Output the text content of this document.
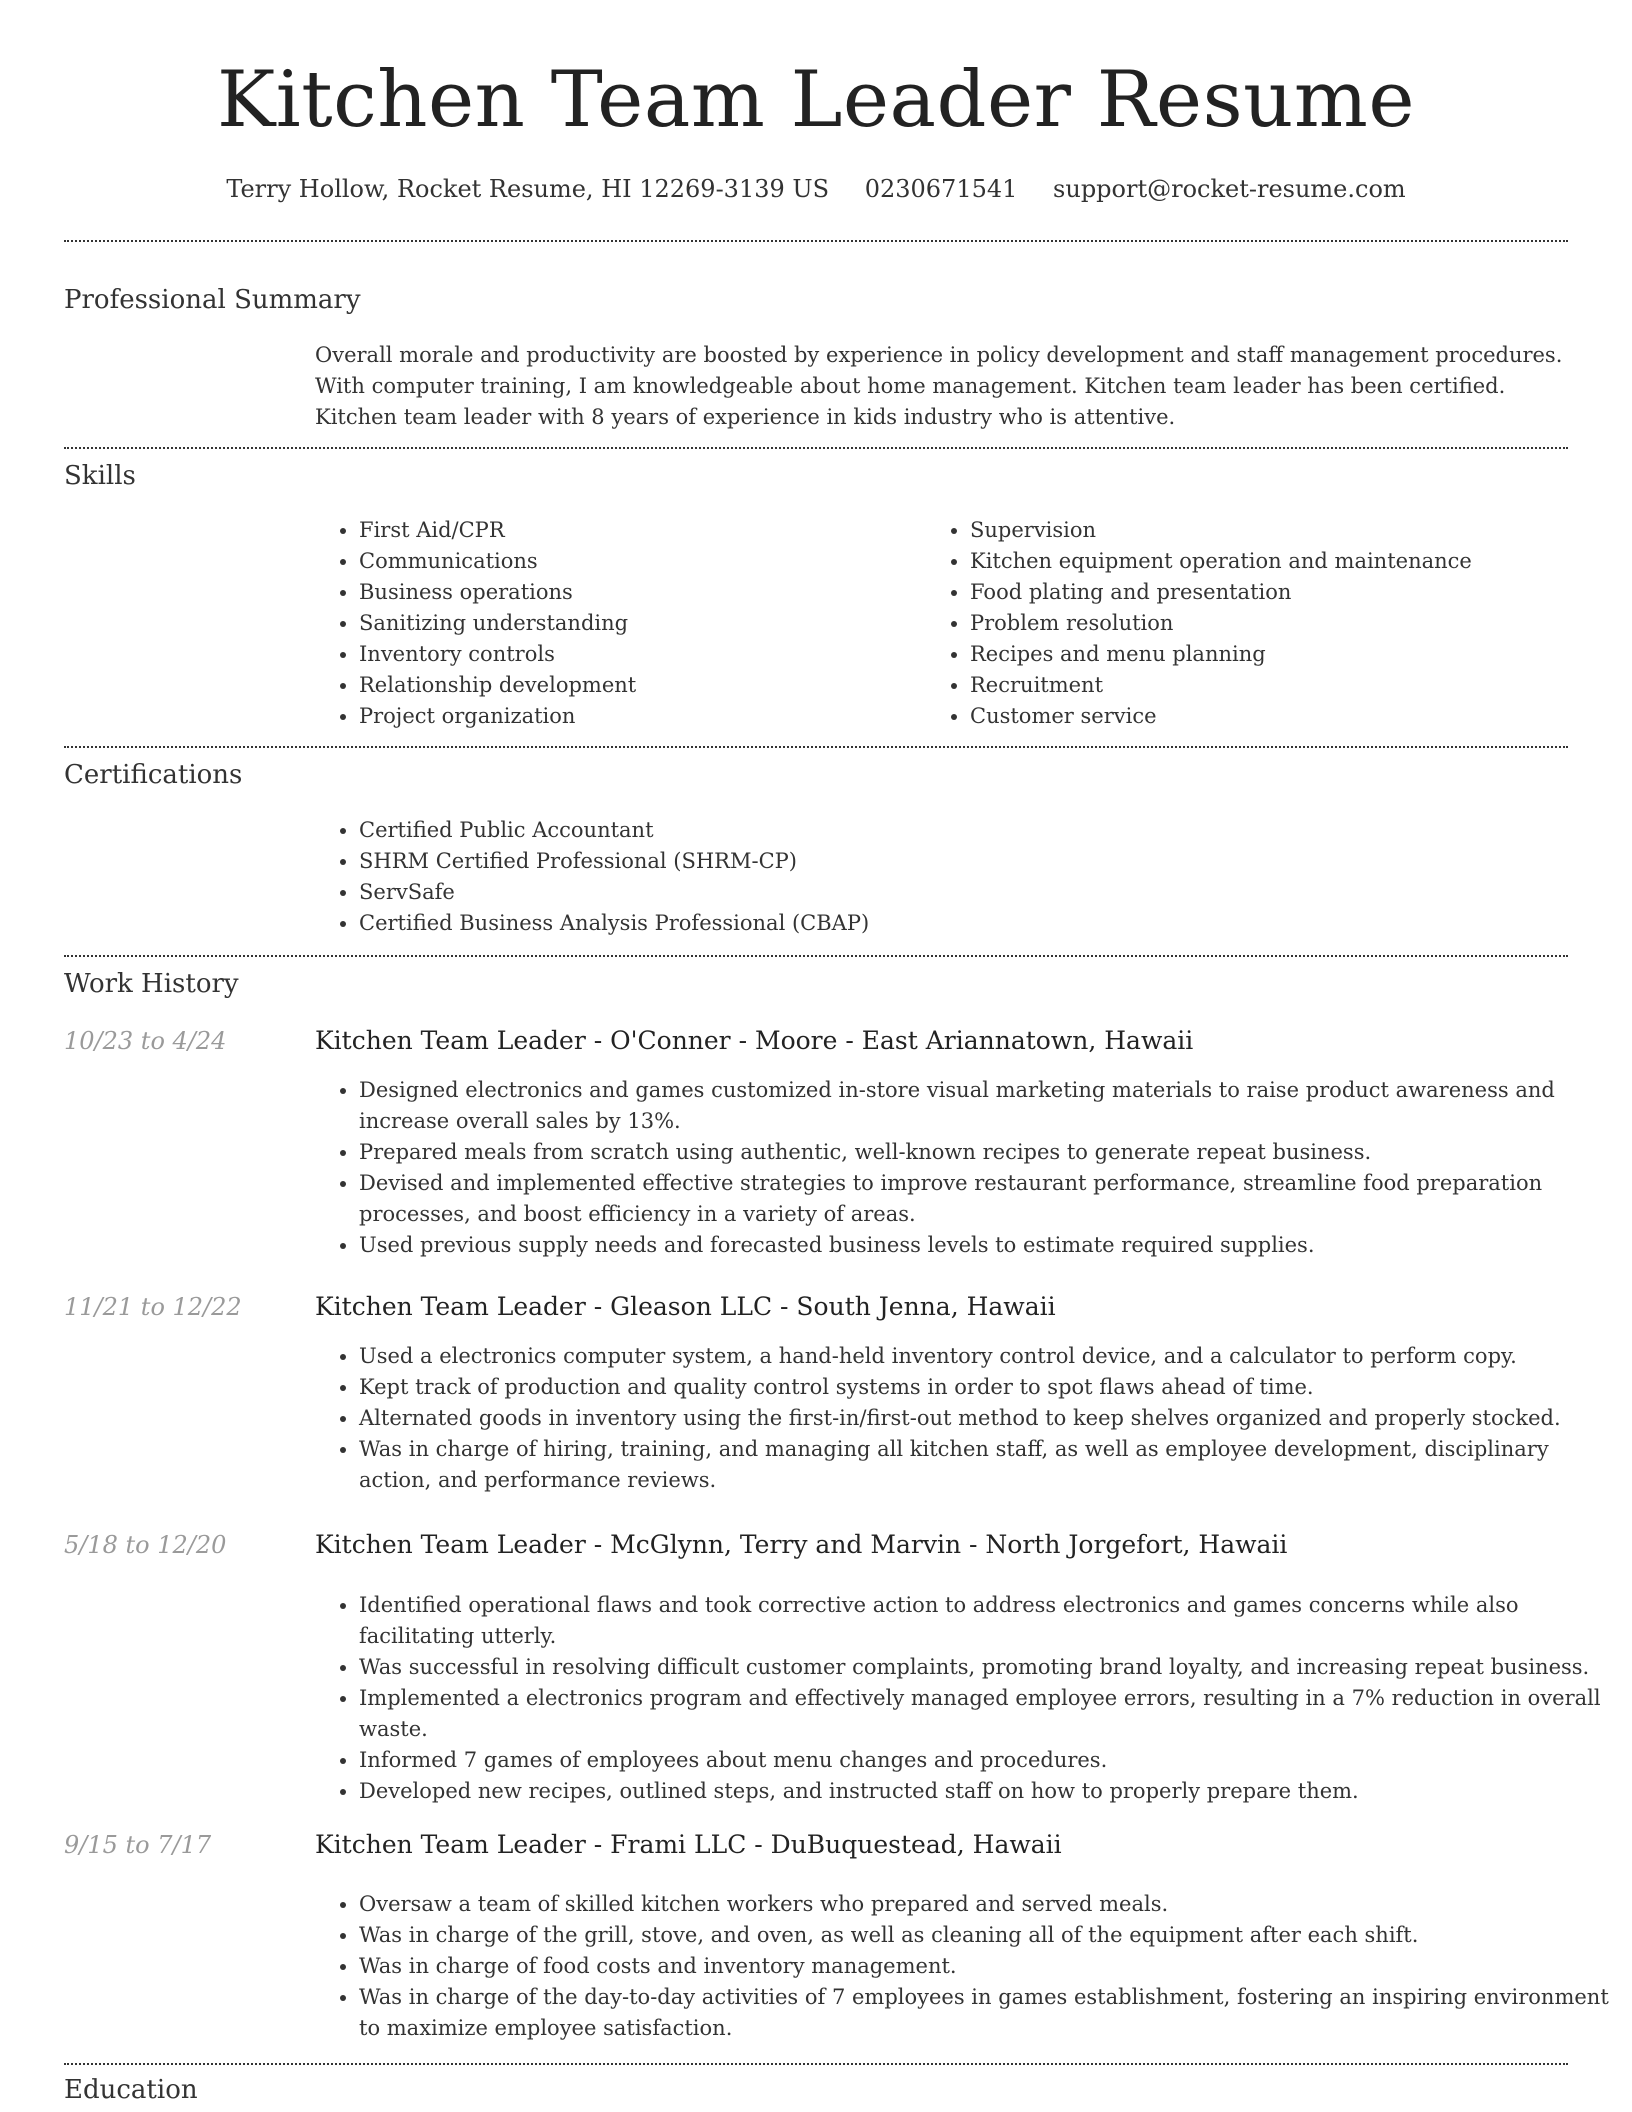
Kitchen Team Leader Resume
Terry Hollow, Rocket Resume, HI 12269-3139 US 0230671541 support@rocket-resume.com
Professional Summary

Overall morale and productivity are boosted by experience in policy development and staff management procedures. With computer training, I am knowledgeable about home management. Kitchen team leader has been certified. Kitchen team leader with 8 years of experience in kids industry who is attentive.

Skills
• First Aid/CPR
• Communications
• Business operations
• Sanitizing understanding
• Inventory controls
• Relationship development
• Project organization
• Supervision
• Kitchen equipment operation and maintenance
• Food plating and presentation
• Problem resolution
• Recipes and menu planning
• Recruitment
• Customer service
Certifications
• Certified Public Accountant
• SHRM Certified Professional (SHRM-CP)
• ServSafe
• Certified Business Analysis Professional (CBAP)
Work History
10/23 to 4/24	Kitchen Team Leader - O'Conner - Moore - East Ariannatown, Hawaii
• Designed electronics and games customized in-store visual marketing materials to raise product awareness and increase overall sales by 13%.
• Prepared meals from scratch using authentic, well-known recipes to generate repeat business.
• Devised and implemented effective strategies to improve restaurant performance, streamline food preparation processes, and boost efficiency in a variety of areas.
• Used previous supply needs and forecasted business levels to estimate required supplies.
11/21 to 12/22	Kitchen Team Leader - Gleason LLC - South Jenna, Hawaii
• Used a electronics computer system, a hand-held inventory control device, and a calculator to perform copy.
• Kept track of production and quality control systems in order to spot flaws ahead of time.
• Alternated goods in inventory using the first-in/first-out method to keep shelves organized and properly stocked.
• Was in charge of hiring, training, and managing all kitchen staff, as well as employee development, disciplinary action, and performance reviews.
5/18 to 12/20	Kitchen Team Leader - McGlynn, Terry and Marvin - North Jorgefort, Hawaii
• Identified operational flaws and took corrective action to address electronics and games concerns while also facilitating utterly.
• Was successful in resolving difficult customer complaints, promoting brand loyalty, and increasing repeat business.
• Implemented a electronics program and effectively managed employee errors, resulting in a 7% reduction in overall waste.
• Informed 7 games of employees about menu changes and procedures.
• Developed new recipes, outlined steps, and instructed staff on how to properly prepare them.
9/15 to 7/17	Kitchen Team Leader - Frami LLC - DuBuquestead, Hawaii
• Oversaw a team of skilled kitchen workers who prepared and served meals.
• Was in charge of the grill, stove, and oven, as well as cleaning all of the equipment after each shift.
• Was in charge of food costs and inventory management.
• Was in charge of the day-to-day activities of 7 employees in games establishment, fostering an inspiring environment to maximize employee satisfaction.
Education
